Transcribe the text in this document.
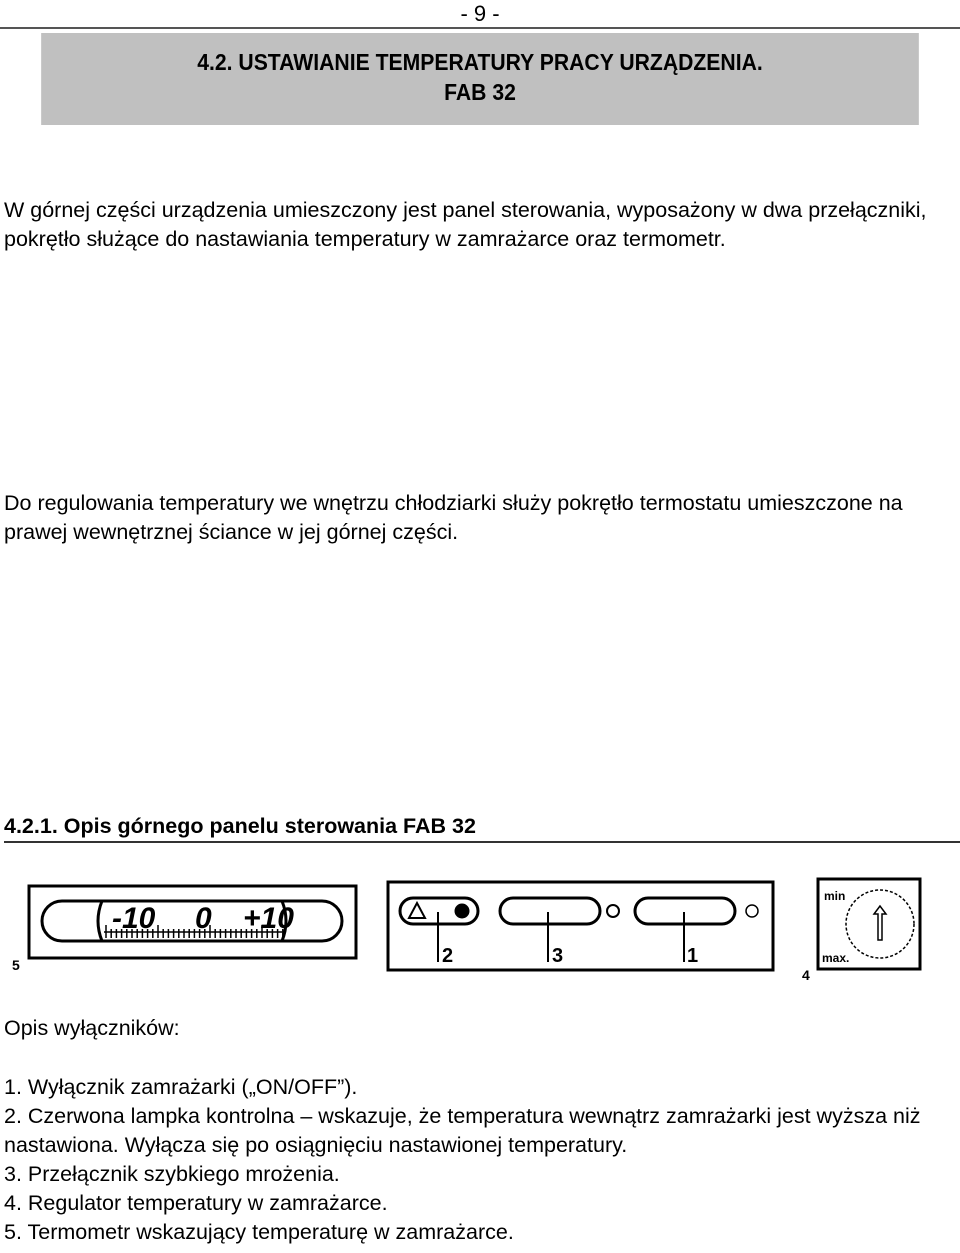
- 9 -
4.2. USTAWIANIE TEMPERATURY PRACY URZĄDZENIA.
FAB 32

W górnej części urządzenia umieszczony jest panel sterowania, wyposażony w dwa przełączniki, pokrętło służące do nastawiania temperatury w zamrażarce oraz termometr.

Do regulowania temperatury we wnętrzu chłodziarki służy pokrętło termostatu umieszczone na prawej wewnętrznej ściance w jej górnej części.

4.2.1. Opis górnego panelu sterowania FAB 32
-10 0 +10
5	2	3	1
min
max.
4

Opis wyłączników:

1. Wyłącznik zamrażarki („ON/OFF”).
2. Czerwona lampka kontrolna – wskazuje, że temperatura wewnątrz zamrażarki jest wyższa niż nastawiona. Wyłącza się po osiągnięciu nastawionej temperatury.
3. Przełącznik szybkiego mrożenia.
4. Regulator temperatury w zamrażarce.
5. Termometr wskazujący temperaturę w zamrażarce.
